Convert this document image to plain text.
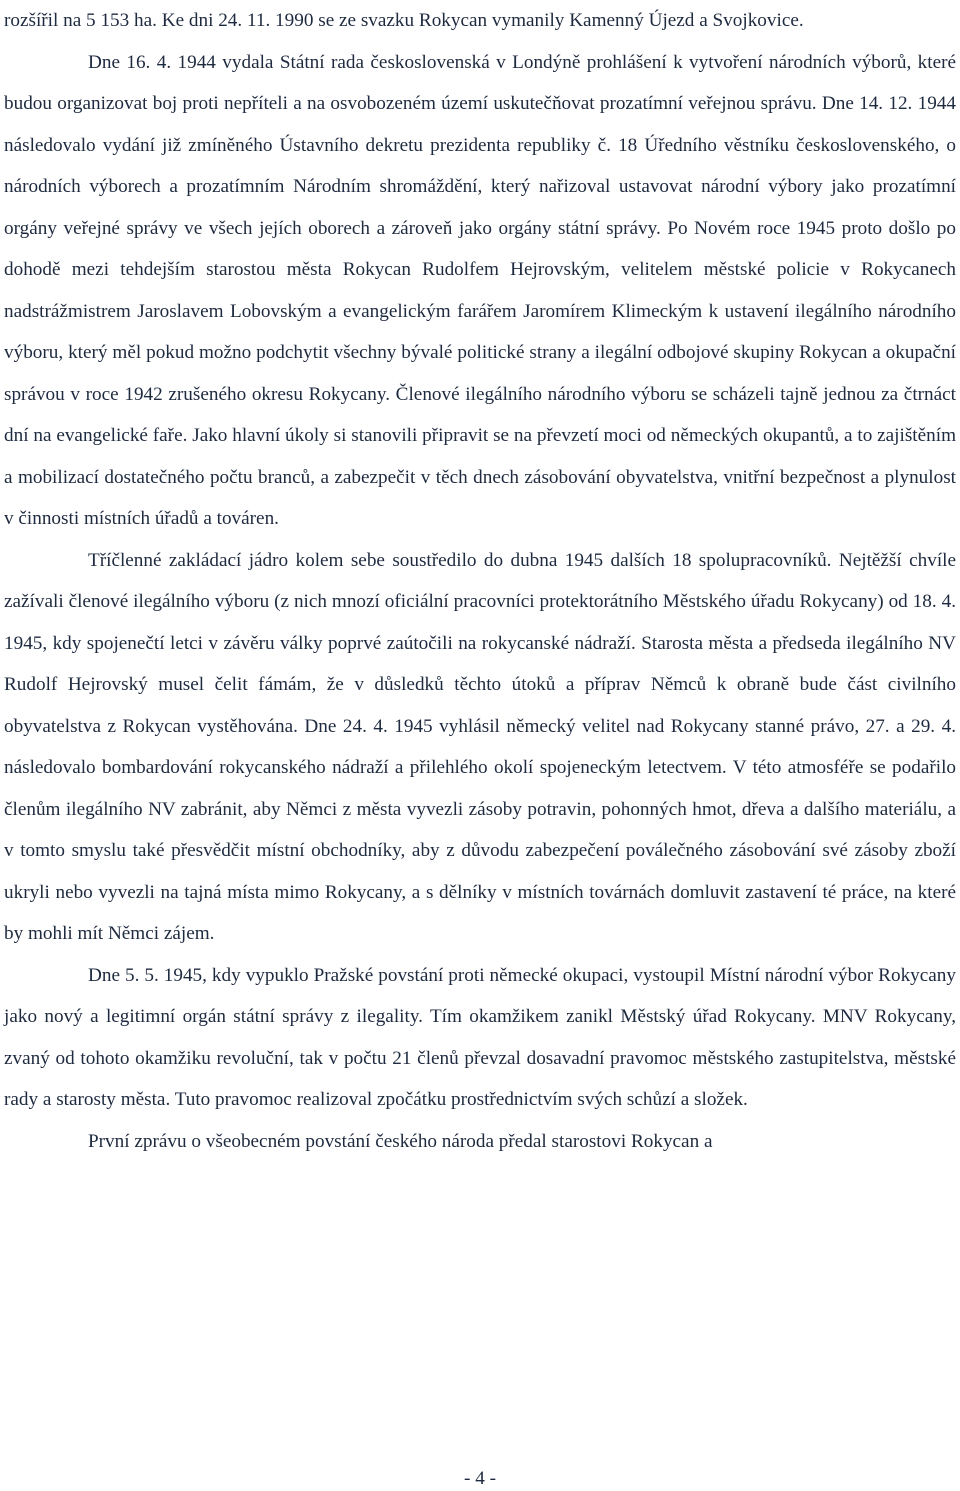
rozšířil na 5 153 ha. Ke dni 24. 11. 1990 se ze svazku Rokycan vymanily Kamenný Újezd a Svojkovice.

Dne 16. 4. 1944 vydala Státní rada československá v Londýně prohlášení k vytvoření národních výborů, které budou organizovat boj proti nepříteli a na osvobozeném území uskutečňovat prozatímní veřejnou správu. Dne 14. 12. 1944 následovalo vydání již zmíněného Ústavního dekretu prezidenta republiky č. 18 Úředního věstníku československého, o národních výborech a prozatímním Národním shromáždění, který nařizoval ustavovat národní výbory jako prozatímní orgány veřejné správy ve všech jejích oborech a zároveň jako orgány státní správy. Po Novém roce 1945 proto došlo po dohodě mezi tehdejším starostou města Rokycan Rudolfem Hejrovským, velitelem městské policie v Rokycanech nadstrážmistrem Jaroslavem Lobovským a evangelickým farářem Jaromírem Klimeckým k ustavení ilegálního národního výboru, který měl pokud možno podchytit všechny bývalé politické strany a ilegální odbojové skupiny Rokycan a okupační správou v roce 1942 zrušeného okresu Rokycany. Členové ilegálního národního výboru se scházeli tajně jednou za čtrnáct dní na evangelické faře. Jako hlavní úkoly si stanovili připravit se na převzetí moci od německých okupantů, a to zajištěním a mobilizací dostatečného počtu branců, a zabezpečit v těch dnech zásobování obyvatelstva, vnitřní bezpečnost a plynulost v činnosti místních úřadů a továren.

Tříčlenné zakládací jádro kolem sebe soustředilo do dubna 1945 dalších 18 spolupracovníků. Nejtěžší chvíle zažívali členové ilegálního výboru (z nich mnozí oficiální pracovníci protektorátního Městského úřadu Rokycany) od 18. 4. 1945, kdy spojenečtí letci v závěru války poprvé zaútočili na rokycanské nádraží. Starosta města a předseda ilegálního NV Rudolf Hejrovský musel čelit fámám, že v důsledků těchto útoků a příprav Němců k obraně bude část civilního obyvatelstva z Rokycan vystěhována. Dne 24. 4. 1945 vyhlásil německý velitel nad Rokycany stanné právo, 27. a 29. 4. následovalo bombardování rokycanského nádraží a přilehlého okolí spojeneckým letectvem. V této atmosféře se podařilo členům ilegálního NV zabránit, aby Němci z města vyvezli zásoby potravin, pohonných hmot, dřeva a dalšího materiálu, a v tomto smyslu také přesvědčit místní obchodníky, aby z důvodu zabezpečení poválečného zásobování své zásoby zboží ukryli nebo vyvezli na tajná místa mimo Rokycany, a s dělníky v místních továrnách domluvit zastavení té práce, na které by mohli mít Němci zájem.

Dne 5. 5. 1945, kdy vypuklo Pražské povstání proti německé okupaci, vystoupil Místní národní výbor Rokycany jako nový a legitimní orgán státní správy z ilegality. Tím okamžikem zanikl Městský úřad Rokycany. MNV Rokycany, zvaný od tohoto okamžiku revoluční, tak v počtu 21 členů převzal dosavadní pravomoc městského zastupitelstva, městské rady a starosty města. Tuto pravomoc realizoval zpočátku prostřednictvím svých schůzí a složek.

První zprávu o všeobecném povstání českého národa předal starostovi Rokycan a

- 4 -
